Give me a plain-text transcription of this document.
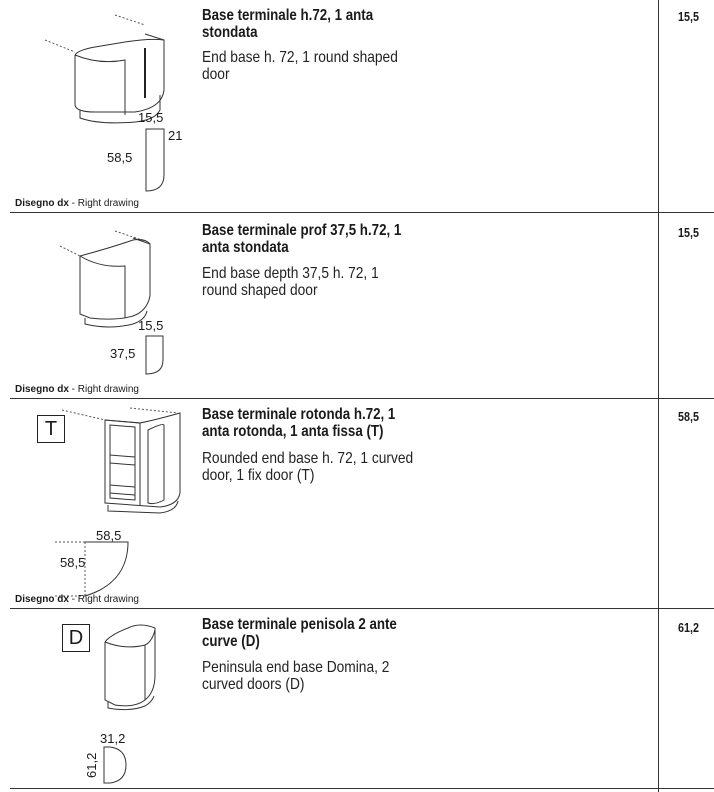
15,5
21
58,5
Disegno dx - Right drawing
Base terminale h.72, 1 anta
stondata
End base h. 72, 1 round shaped
door
15,5
15,5
37,5
Disegno dx - Right drawing
Base terminale prof 37,5 h.72, 1
anta stondata
End base depth 37,5 h. 72, 1
round shaped door
15,5
T
58,5
58,5
Disegno dx - Right drawing
Base terminale rotonda h.72, 1
anta rotonda, 1 anta fissa (T)
Rounded end base h. 72, 1 curved
door, 1 fix door (T)
58,5
D
31,2
61,2
Base terminale penisola 2 ante
curve (D)
Peninsula end base Domina, 2
curved doors (D)
61,2
